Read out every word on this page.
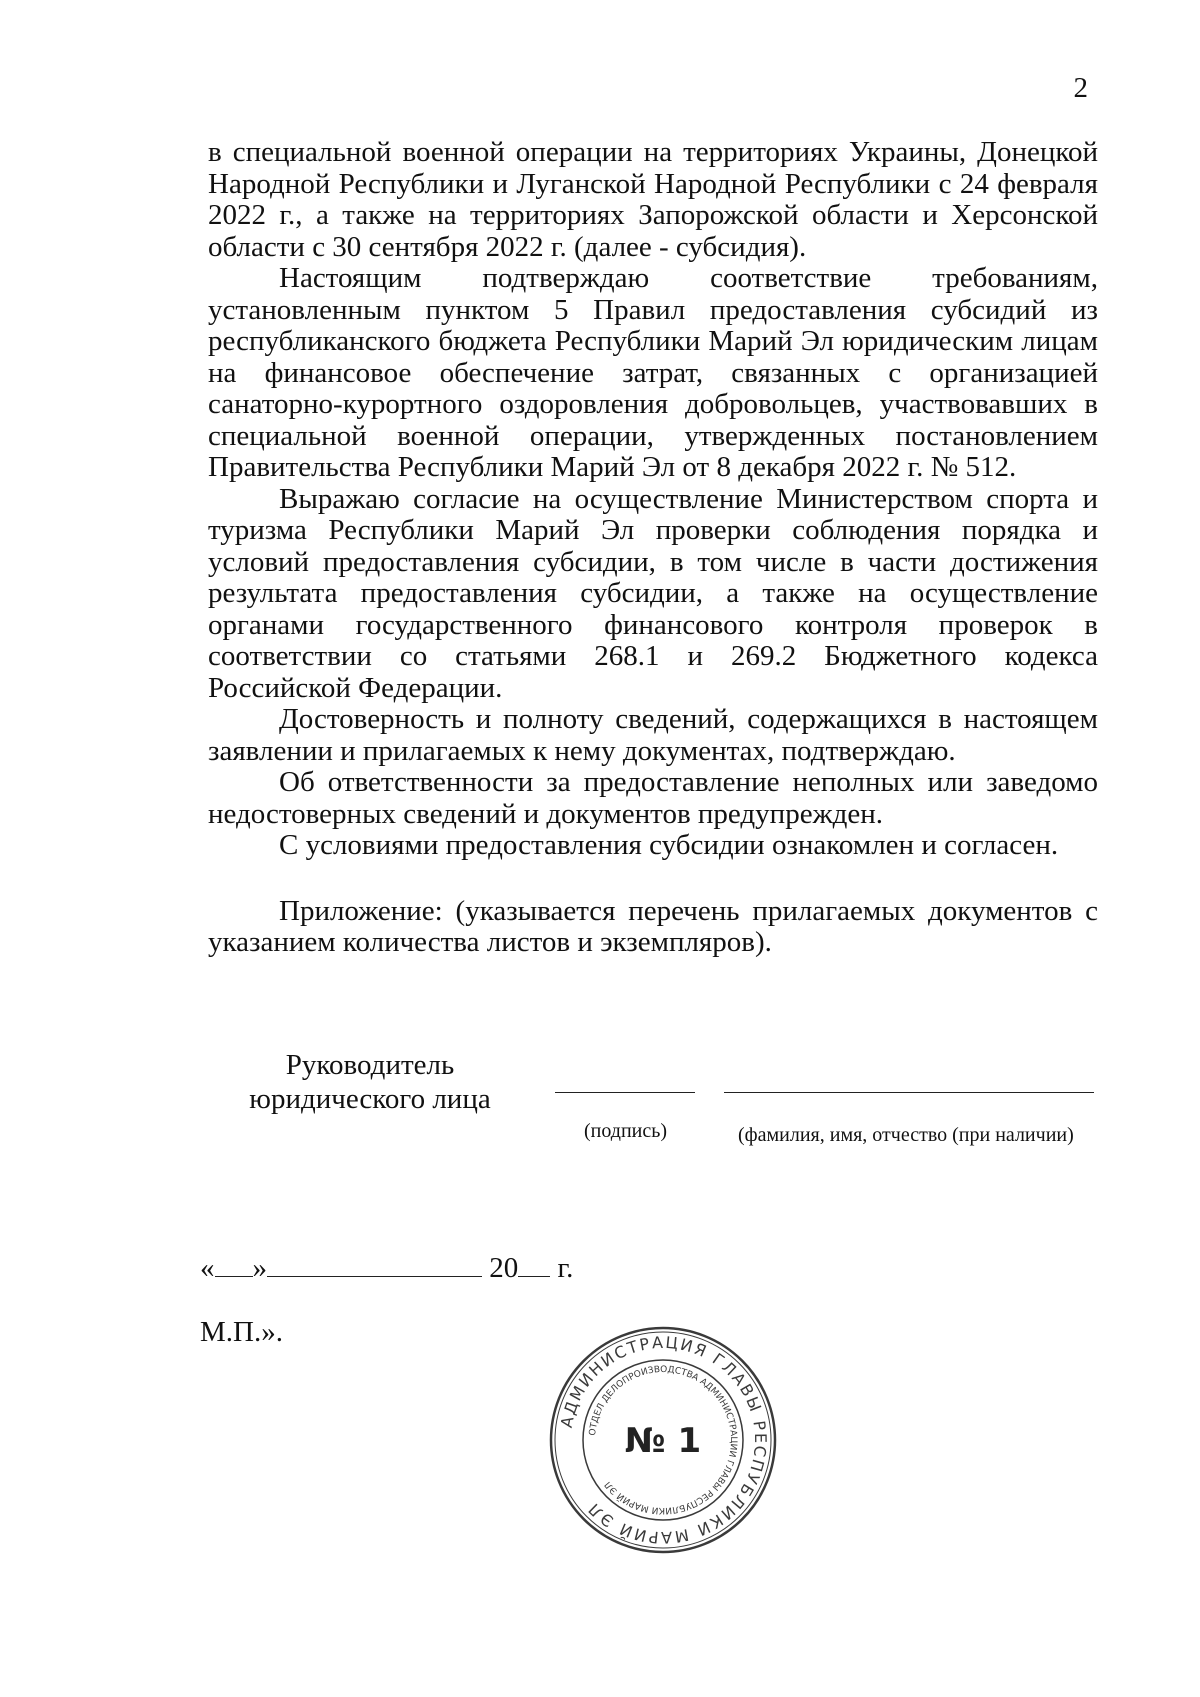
2

в специальной военной операции на территориях Украины, Донецкой Народной Республики и Луганской Народной Республики с 24 февраля 2022 г., а также на территориях Запорожской области и Херсонской области с 30 сентября 2022 г. (далее - субсидия).

Настоящим подтверждаю соответствие требованиям, установленным пунктом 5 Правил предоставления субсидий из республиканского бюджета Республики Марий Эл юридическим лицам на финансовое обеспечение затрат, связанных с организацией санаторно-курортного оздоровления добровольцев, участвовавших в специальной военной операции, утвержденных постановлением Правительства Республики Марий Эл от 8 декабря 2022 г. № 512.

Выражаю согласие на осуществление Министерством спорта и туризма Республики Марий Эл проверки соблюдения порядка и условий предоставления субсидии, в том числе в части достижения результата предоставления субсидии, а также на осуществление органами государственного финансового контроля проверок в соответствии со статьями 268.1 и 269.2 Бюджетного кодекса Российской Федерации.

Достоверность и полноту сведений, содержащихся в настоящем заявлении и прилагаемых к нему документах, подтверждаю.

Об ответственности за предоставление неполных или заведомо недостоверных сведений и документов предупрежден.

С условиями предоставления субсидии ознакомлен и согласен.

Приложение: (указывается перечень прилагаемых документов с указанием количества листов и экземпляров).

Руководитель
юридического лица
(подпись)	(фамилия, имя, отчество (при наличии)
« »	20 г.
М.П.».
АДМИНИСТРАЦИЯ ГЛАВЫ РЕСПУБЛИКИ МАРИЙ ЭЛ
ОТДЕЛ ДЕЛОПРОИЗВОДСТВА АДМИНИСТРАЦИИ ГЛАВЫ РЕСПУБЛИКИ МАРИЙ ЭЛ
№ 1
